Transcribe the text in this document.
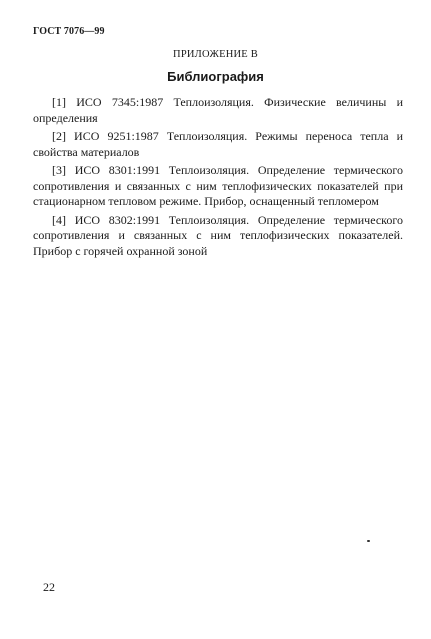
ГОСТ 7076—99
ПРИЛОЖЕНИЕ В
Библиография

[1] ИСО 7345:1987 Теплоизоляция. Физические величины и определения

[2] ИСО 9251:1987 Теплоизоляция. Режимы переноса тепла и свойства материалов

[3] ИСО 8301:1991 Теплоизоляция. Определение термического сопротивления и связанных с ним теплофизических показателей при стационарном тепловом режиме. Прибор, оснащенный тепломером

[4] ИСО 8302:1991 Теплоизоляция. Определение термического сопротивления и связанных с ним теплофизических показателей. Прибор с горячей охранной зоной

22
